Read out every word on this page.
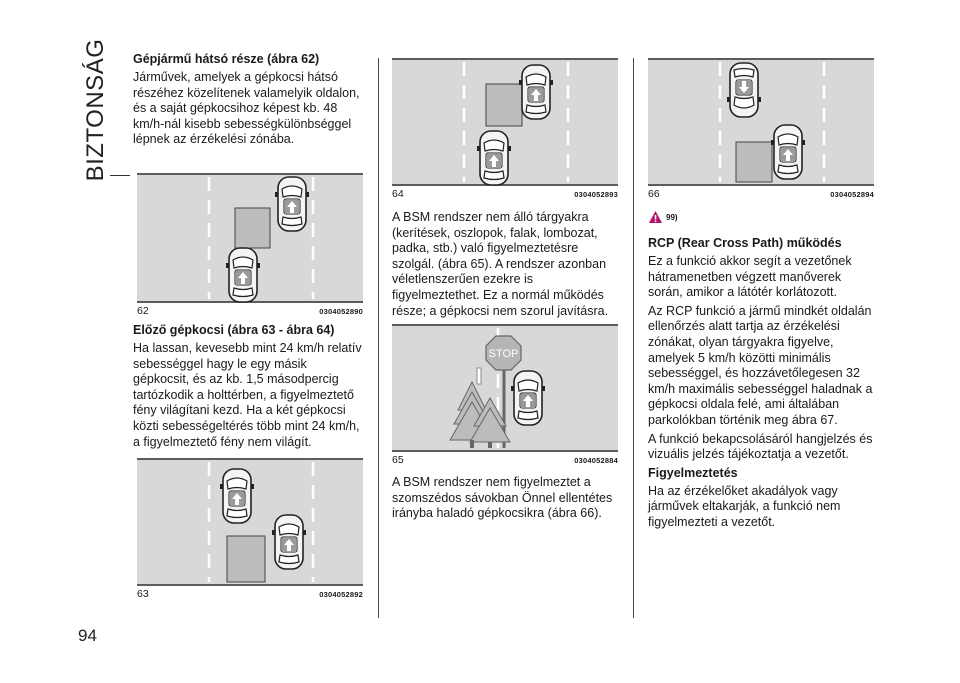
BIZTONSÁG
94
Gépjármű hátsó része (ábra 62)

Járművek, amelyek a gépkocsi hátsó részéhez közelítenek valamelyik oldalon, és a saját gépkocsihoz képest kb. 48 km/h-nál kisebb sebességkülönbséggel lépnek az érzékelési zónába.

62	0304052890
Előző gépkocsi (ábra 63 - ábra 64)

Ha lassan, kevesebb mint 24 km/h relatív sebességgel hagy le egy másik gépkocsit, és az kb. 1,5 másodpercig tartózkodik a holttérben, a figyelmeztető fény világítani kezd. Ha a két gépkocsi közti sebességeltérés több mint 24 km/h, a figyelmeztető fény nem világít.

63	0304052892
64	0304052893

A BSM rendszer nem álló tárgyakra (kerítések, oszlopok, falak, lombozat, padka, stb.) való figyelmeztetésre szolgál. (ábra 65). A rendszer azonban véletlenszerűen ezekre is figyelmeztethet. Ez a normál működés része; a gépkocsi nem szorul javításra.

STOP
65	0304052884

A BSM rendszer nem figyelmeztet a szomszédos sávokban Önnel ellentétes irányba haladó gépkocsikra (ábra 66).

66	0304052894
99)
RCP (Rear Cross Path) működés

Ez a funkció akkor segít a vezetőnek hátramenetben végzett manőverek során, amikor a látótér korlátozott.

Az RCP funkció a jármű mindkét oldalán ellenőrzés alatt tartja az érzékelési zónákat, olyan tárgyakra figyelve, amelyek 5 km/h közötti minimális sebességgel, és hozzávetőlegesen 32 km/h maximális sebességgel haladnak a gépkocsi oldala felé, ami általában parkolókban történik meg ábra 67.

A funkció bekapcsolásáról hangjelzés és vizuális jelzés tájékoztatja a vezetőt.

Figyelmeztetés

Ha az érzékelőket akadályok vagy járművek eltakarják, a funkció nem figyelmezteti a vezetőt.
